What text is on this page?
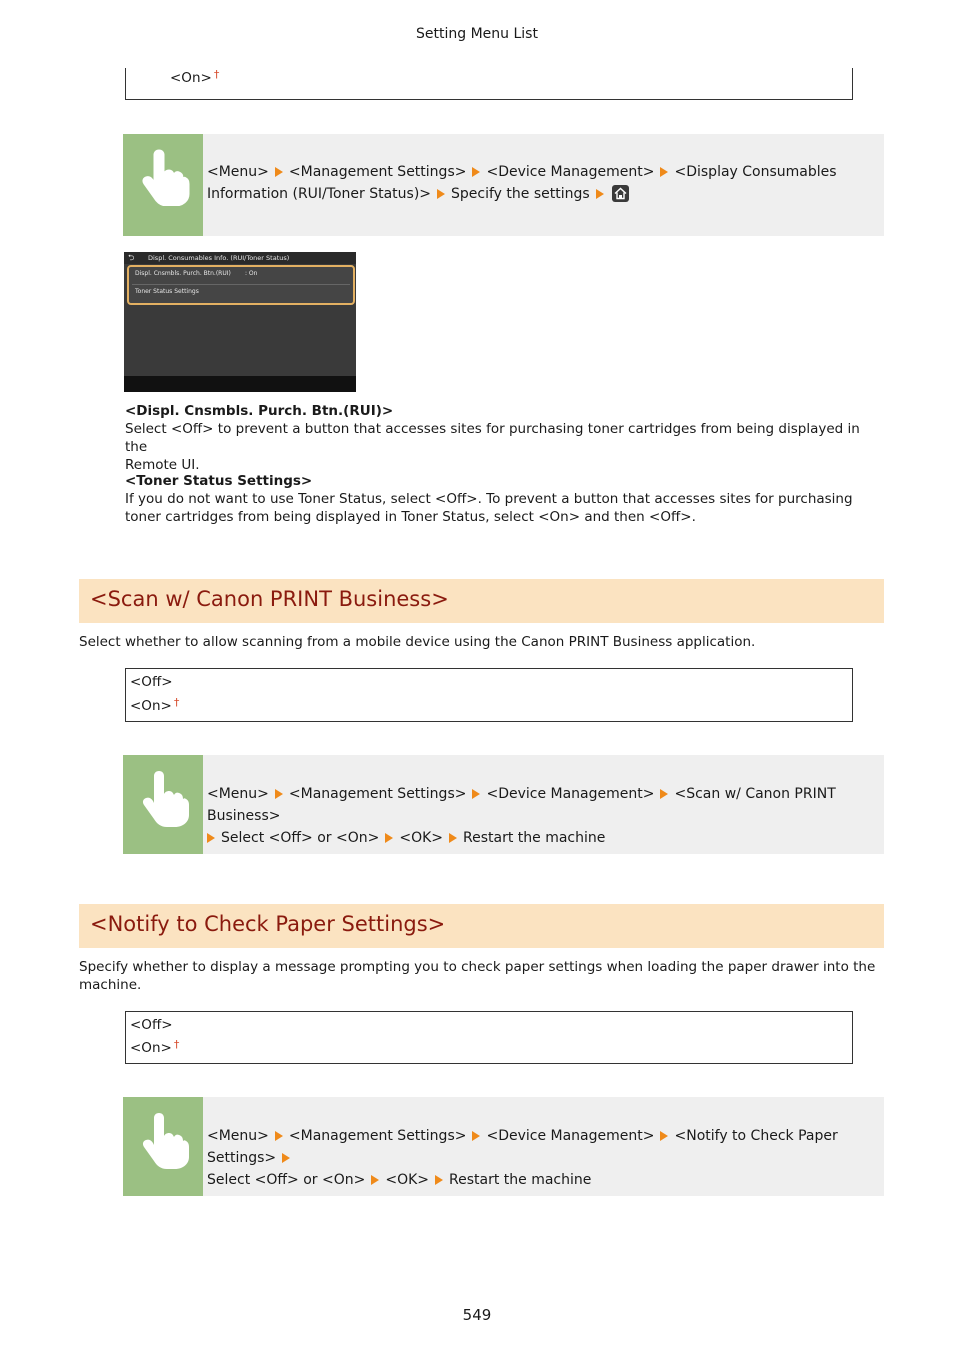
Setting Menu List
<On> †
<Menu> <Management Settings> <Device Management> <Display Consumables
Information (RUI/Toner Status)> Specify the settings
⮌ Displ. Consumables Info. (RUI/Toner Status)
Displ. Cnsmbls. Purch. Btn.(RUI) : On
Toner Status Settings
<Displ. Cnsmbls. Purch. Btn.(RUI)>
Select <Off> to prevent a button that accesses sites for purchasing toner cartridges from being displayed in the
Remote UI.
<Toner Status Settings>
If you do not want to use Toner Status, select <Off>. To prevent a button that accesses sites for purchasing
toner cartridges from being displayed in Toner Status, select <On> and then <Off>.
<Scan w/ Canon PRINT Business>
Select whether to allow scanning from a mobile device using the Canon PRINT Business application.
<Off>
<On> †
<Menu> <Management Settings> <Device Management> <Scan w/ Canon PRINT Business>
Select <Off> or <On> <OK> Restart the machine
<Notify to Check Paper Settings>
Specify whether to display a message prompting you to check paper settings when loading the paper drawer into the
machine.
<Off>
<On> †
<Menu> <Management Settings> <Device Management> <Notify to Check Paper Settings>
Select <Off> or <On> <OK> Restart the machine
549
